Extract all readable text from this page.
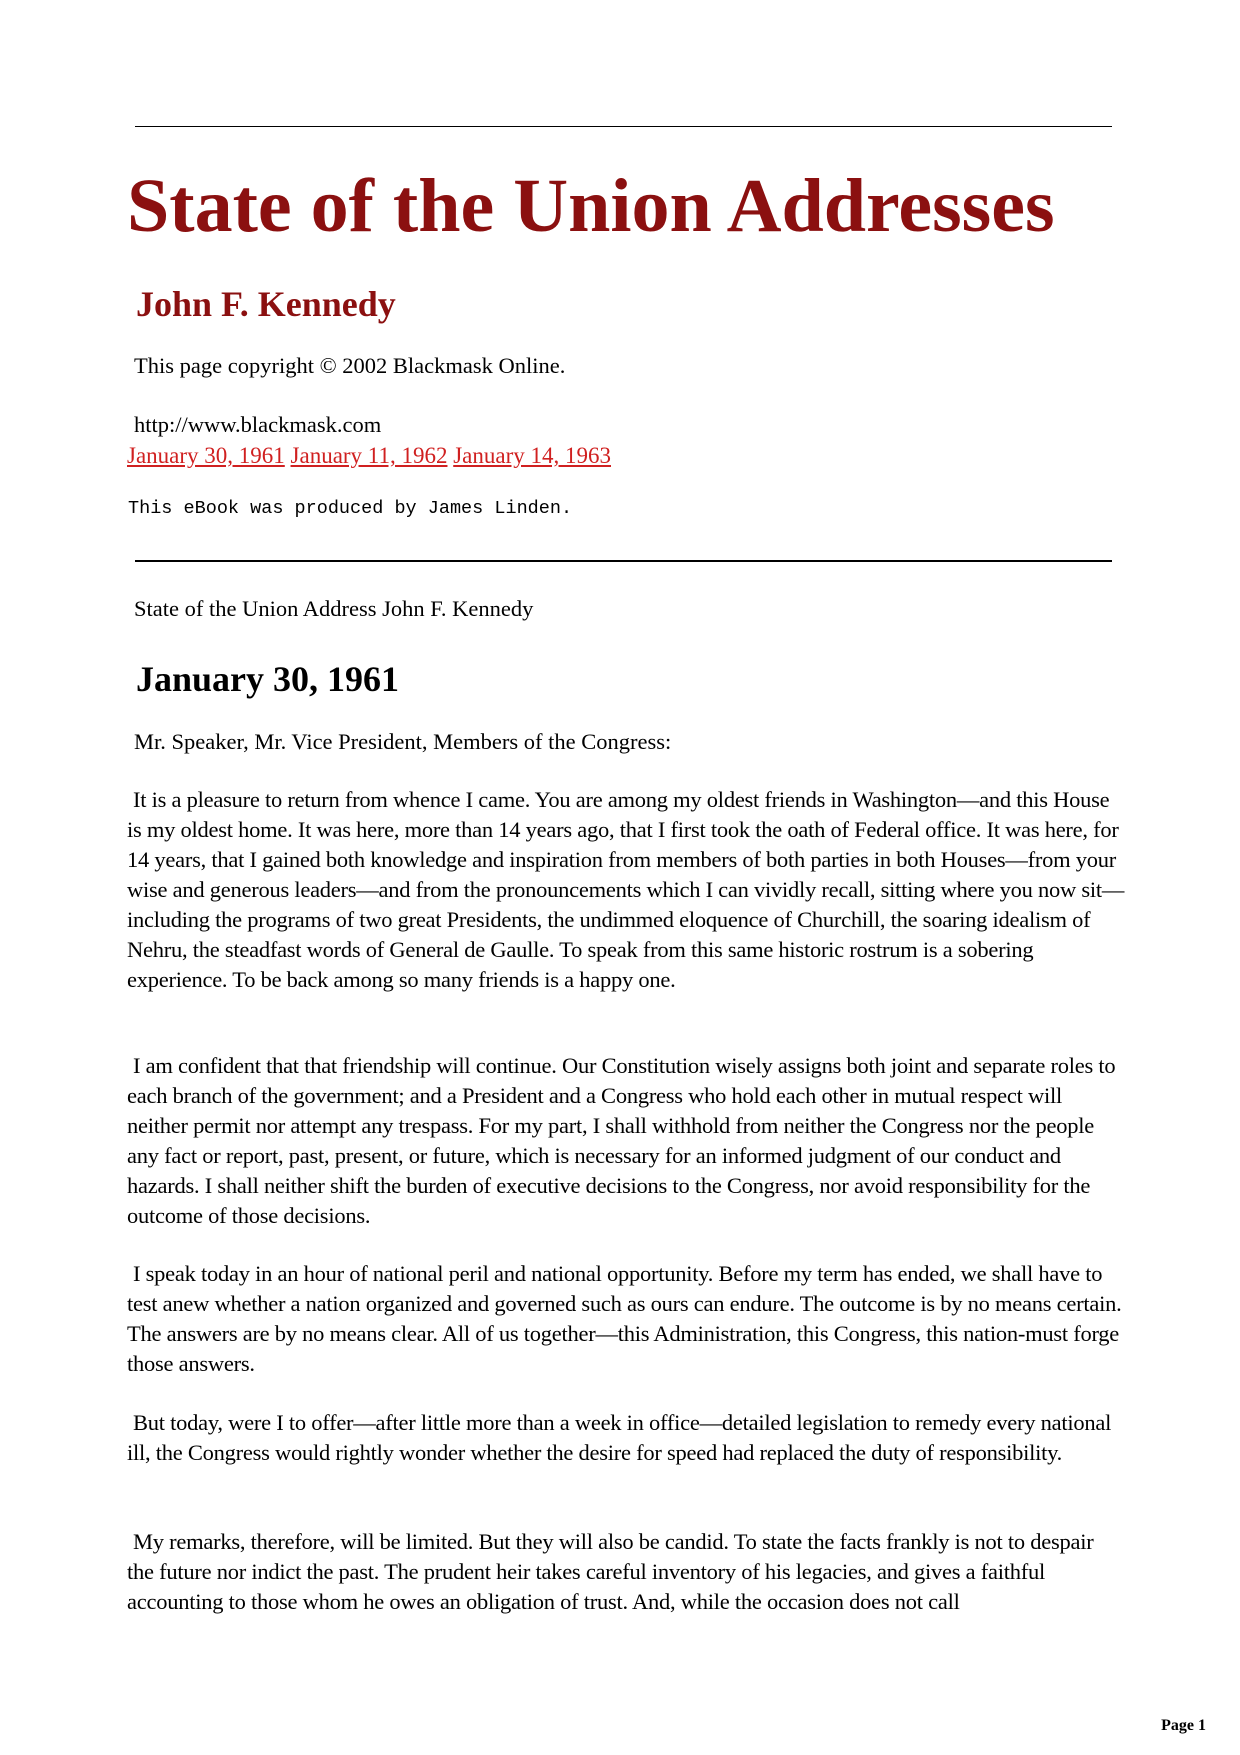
State of the Union Addresses
John F. Kennedy
This page copyright © 2002 Blackmask Online.
http://www.blackmask.com
January 30, 1961 January 11, 1962 January 14, 1963
This eBook was produced by James Linden.
State of the Union Address John F. Kennedy
January 30, 1961
Mr. Speaker, Mr. Vice President, Members of the Congress:

It is a pleasure to return from whence I came. You are among my oldest friends in Washington—and this House is my oldest home. It was here, more than 14 years ago, that I first took the oath of Federal office. It was here, for 14 years, that I gained both knowledge and inspiration from members of both parties in both Houses—from your wise and generous leaders—and from the pronouncements which I can vividly recall, sitting where you now sit—including the programs of two great Presidents, the undimmed eloquence of Churchill, the soaring idealism of Nehru, the steadfast words of General de Gaulle. To speak from this same historic rostrum is a sobering experience. To be back among so many friends is a happy one.

I am confident that that friendship will continue. Our Constitution wisely assigns both joint and separate roles to each branch of the government; and a President and a Congress who hold each other in mutual respect will neither permit nor attempt any trespass. For my part, I shall withhold from neither the Congress nor the people any fact or report, past, present, or future, which is necessary for an informed judgment of our conduct and hazards. I shall neither shift the burden of executive decisions to the Congress, nor avoid responsibility for the outcome of those decisions.

I speak today in an hour of national peril and national opportunity. Before my term has ended, we shall have to test anew whether a nation organized and governed such as ours can endure. The outcome is by no means certain. The answers are by no means clear. All of us together—this Administration, this Congress, this nation-must forge those answers.

But today, were I to offer—after little more than a week in office—detailed legislation to remedy every national ill, the Congress would rightly wonder whether the desire for speed had replaced the duty of responsibility.

My remarks, therefore, will be limited. But they will also be candid. To state the facts frankly is not to despair the future nor indict the past. The prudent heir takes careful inventory of his legacies, and gives a faithful accounting to those whom he owes an obligation of trust. And, while the occasion does not call

Page 1
